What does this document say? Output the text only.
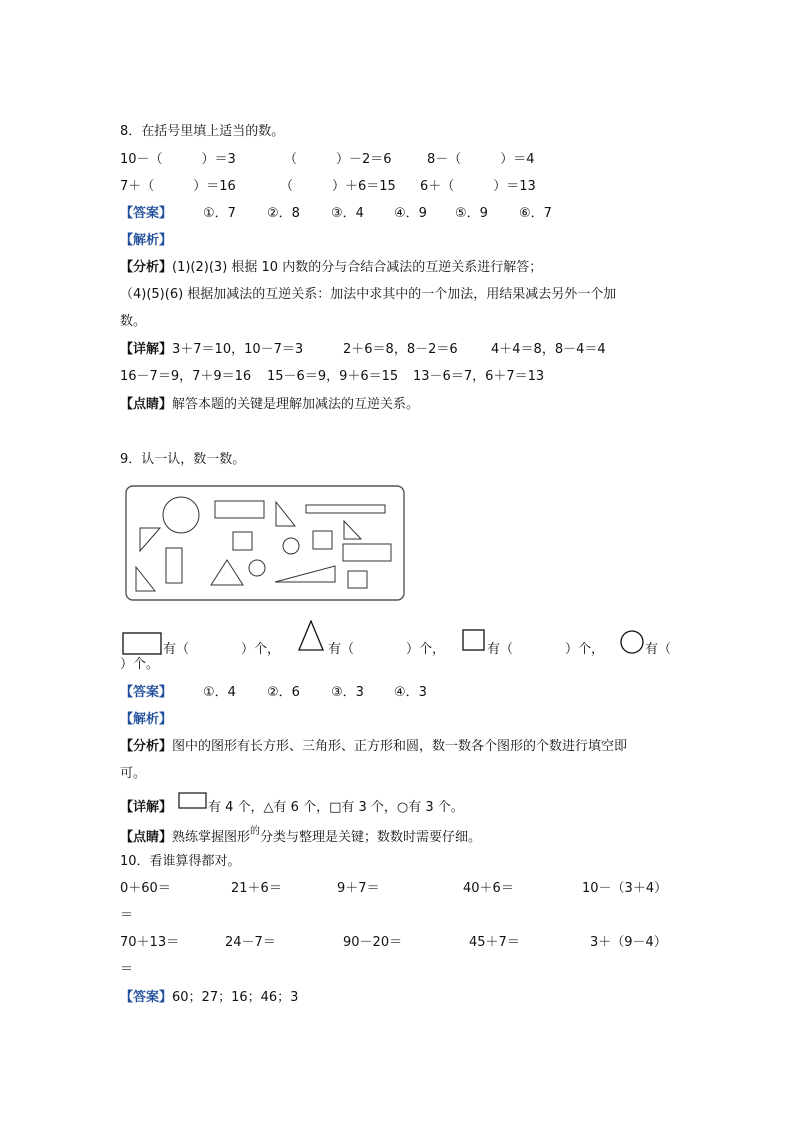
8．在括号里填上适当的数。
10－（　　　）＝3	（　　　）－2＝6	8－（　　　）＝4
7＋（　　　）＝16	（　　　）＋6＝15 6＋（　　　）＝13
【答案】 ①．7 ②．8 ③．4 ④．9 ⑤．9 ⑥．7
【解析】
【分析】(1)(2)(3) 根据 10 内数的分与合结合减法的互逆关系进行解答；
（4)(5)(6) 根据加减法的互逆关系：加法中求其中的一个加法，用结果减去另外一个加
数。
【详解】3＋7＝10，10－7＝3	2＋6＝8，8－2＝6	4＋4＝8，8－4＝4
16－7＝9，7＋9＝16 15－6＝9，9＋6＝15 13－6＝7，6＋7＝13
【点睛】解答本题的关键是理解加减法的互逆关系。
9．认一认，数一数。
有（　　　　）个，	有（　　　　）个，	有（　　　　）个，	有（
）个。
【答案】 ①．4 ②．6 ③．3 ④．3
【解析】
【分析】图中的图形有长方形、三角形、正方形和圆，数一数各个图形的个数进行填空即
可。
【详解】	有 4 个，△有 6 个，□有 3 个，○有 3 个。
【点睛】熟练掌握图形$^的$分类与整理是关键；数数时需要仔细。
10．看谁算得都对。
0＋60＝	21＋6＝	9＋7＝	40＋6＝	10－（3＋4）
＝
70＋13＝	24－7＝	90－20＝	45＋7＝	3＋（9－4）
＝
【答案】60；27；16；46；3
